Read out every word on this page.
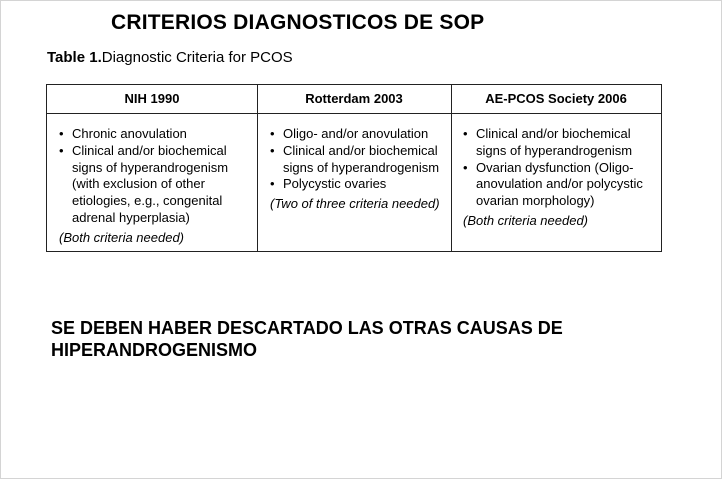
CRITERIOS DIAGNOSTICOS DE SOP
Table 1.Diagnostic Criteria for PCOS
NIH 1990	Rotterdam 2003	AE-PCOS Society 2006
• Chronic anovulation
• Clinical and/or biochemical signs of hyperandrogenism (with exclusion of other etiologies, e.g., congenital adrenal hyperplasia)
(Both criteria needed)
• Oligo- and/or anovulation
• Clinical and/or biochemical signs of hyperandrogenism
• Polycystic ovaries
(Two of three criteria needed)
• Clinical and/or biochemical signs of hyperandrogenism
• Ovarian dysfunction (Oligo-anovulation and/or polycystic ovarian morphology)
(Both criteria needed)
SE DEBEN HABER DESCARTADO LAS OTRAS CAUSAS DE HIPERANDROGENISMO
